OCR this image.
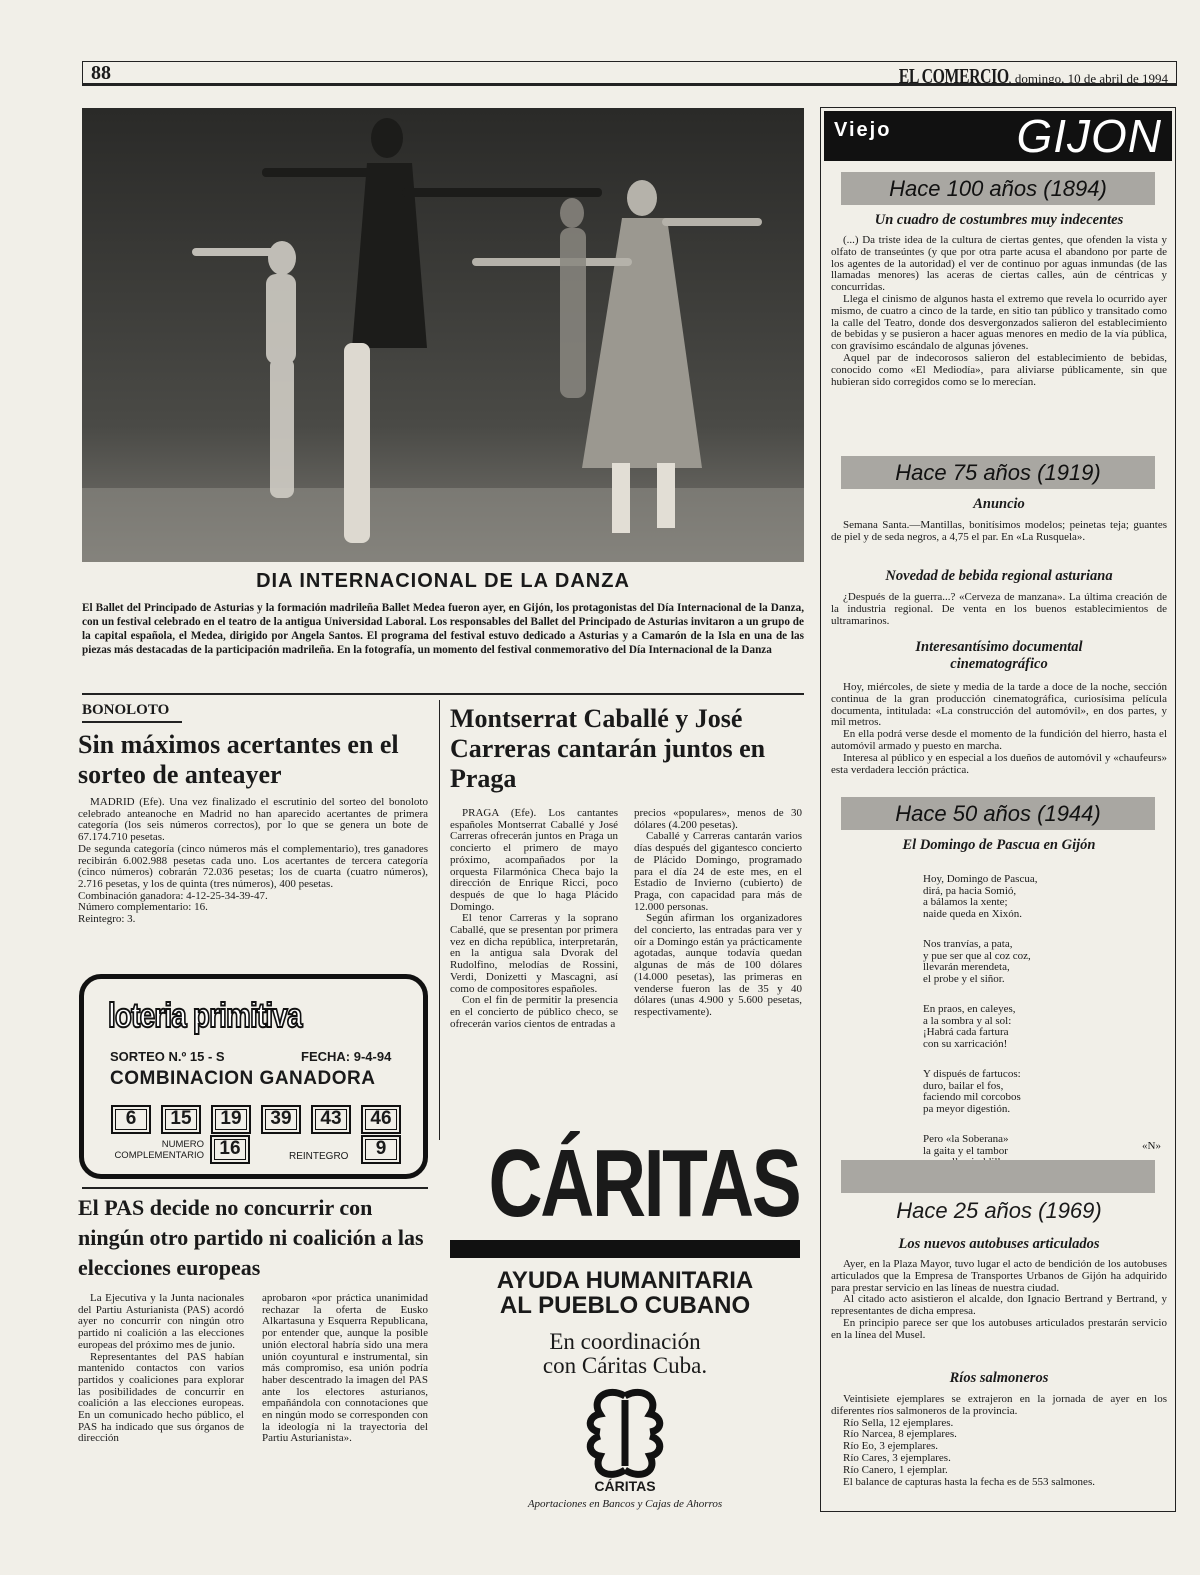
88	EL COMERCIO, domingo, 10 de abril de 1994
DIA INTERNACIONAL DE LA DANZA
El Ballet del Principado de Asturias y la formación madrileña Ballet Medea fueron ayer, en Gijón, los protagonistas del Día Internacional de la Danza, con un festival celebrado en el teatro de la antigua Universidad Laboral. Los responsables del Ballet del Principado de Asturias invitaron a un grupo de la capital española, el Medea, dirigido por Angela Santos. El programa del festival estuvo dedicado a Asturias y a Camarón de la Isla en una de las piezas más destacadas de la participación madrileña. En la fotografía, un momento del festival conmemorativo del Día Internacional de la Danza
BONOLOTO
Sin máximos acertantes en el sorteo de anteayer

MADRID (Efe). Una vez finalizado el escrutinio del sorteo del bonoloto celebrado anteanoche en Madrid no han aparecido acertantes de primera categoría (los seis números correctos), por lo que se genera un bote de 67.174.710 pesetas.

De segunda categoría (cinco números más el complementario), tres ganadores recibirán 6.002.988 pesetas cada uno. Los acertantes de tercera categoría (cinco números) cobrarán 72.036 pesetas; los de cuarta (cuatro números), 2.716 pesetas, y los de quinta (tres números), 400 pesetas.

Combinación ganadora: 4-12-25-34-39-47.

Número complementario: 16.

Reintegro: 3.

loteria primitiva
SORTEO N.º 15 - S	FECHA: 9-4-94
COMBINACION GANADORA
6	15	19	39	43	46
NUMERO
COMPLEMENTARIO 16	REINTEGRO	9
El PAS decide no concurrir con ningún otro partido ni coalición a las elecciones europeas

La Ejecutiva y la Junta nacionales del Partiu Asturianista (PAS) acordó ayer no concurrir con ningún otro partido ni coalición a las elecciones europeas del próximo mes de junio.

Representantes del PAS habían mantenido contactos con varios partidos y coaliciones para explorar las posibilidades de concurrir en coalición a las elecciones europeas. En un comunicado hecho público, el PAS ha indicado que sus órganos de dirección

aprobaron «por práctica unanimidad rechazar la oferta de Eusko Alkartasuna y Esquerra Republicana, por entender que, aunque la posible unión electoral habría sido una mera unión coyuntural e instrumental, sin más compromiso, esa unión podría haber descentrado la imagen del PAS ante los electores asturianos, empañándola con connotaciones que en ningún modo se corresponden con la ideología ni la trayectoria del Partiu Asturianista».

Montserrat Caballé y José Carreras cantarán juntos en Praga

PRAGA (Efe). Los cantantes españoles Montserrat Caballé y José Carreras ofrecerán juntos en Praga un concierto el primero de mayo próximo, acompañados por la orquesta Filarmónica Checa bajo la dirección de Enrique Ricci, poco después de que lo haga Plácido Domingo.

El tenor Carreras y la soprano Caballé, que se presentan por primera vez en dicha república, interpretarán, en la antigua sala Dvorak del Rudolfino, melodías de Rossini, Verdi, Donizetti y Mascagni, así como de compositores españoles.

Con el fin de permitir la presencia en el concierto de público checo, se ofrecerán varios cientos de entradas a

precios «populares», menos de 30 dólares (4.200 pesetas).

Caballé y Carreras cantarán varios días después del gigantesco concierto de Plácido Domingo, programado para el día 24 de este mes, en el Estadio de Invierno (cubierto) de Praga, con capacidad para más de 12.000 personas.

Según afirman los organizadores del concierto, las entradas para ver y oír a Domingo están ya prácticamente agotadas, aunque todavía quedan algunas de más de 100 dólares (14.000 pesetas), las primeras en venderse fueron las de 35 y 40 dólares (unas 4.900 y 5.600 pesetas, respectivamente).

CÁRITAS
AYUDA HUMANITARIA
AL PUEBLO CUBANO
En coordinación
con Cáritas Cuba.
CÁRITAS
Aportaciones en Bancos y Cajas de Ahorros
Viejo	GIJON
Hace 100 años (1894)
Un cuadro de costumbres muy indecentes

(...) Da triste idea de la cultura de ciertas gentes, que ofenden la vista y olfato de transeúntes (y que por otra parte acusa el abandono por parte de los agentes de la autoridad) el ver de continuo por aguas inmundas (de las llamadas menores) las aceras de ciertas calles, aún de céntricas y concurridas.

Llega el cinismo de algunos hasta el extremo que revela lo ocurrido ayer mismo, de cuatro a cinco de la tarde, en sitio tan público y transitado como la calle del Teatro, donde dos desvergonzados salieron del establecimiento de bebidas y se pusieron a hacer aguas menores en medio de la vía pública, con gravísimo escándalo de algunas jóvenes.

Aquel par de indecorosos salieron del establecimiento de bebidas, conocido como «El Mediodía», para aliviarse públicamente, sin que hubieran sido corregidos como se lo merecían.

Hace 75 años (1919)
Anuncio

Semana Santa.—Mantillas, bonitísimos modelos; peinetas teja; guantes de piel y de seda negros, a 4,75 el par. En «La Rusquela».

Novedad de bebida regional asturiana

¿Después de la guerra...? «Cerveza de manzana». La última creación de la industria regional. De venta en los buenos establecimientos de ultramarinos.

Interesantísimo documental cinematográfico

Hoy, miércoles, de siete y media de la tarde a doce de la noche, sección continua de la gran producción cinematográfica, curiosísima película documenta, intitulada: «La construcción del automóvil», en dos partes, y mil metros.

En ella podrá verse desde el momento de la fundición del hierro, hasta el automóvil armado y puesto en marcha.

Interesa al público y en especial a los dueños de automóvil y «chaufeurs» esta verdadera lección práctica.

Hace 50 años (1944)
El Domingo de Pascua en Gijón

Hoy, Domingo de Pascua,
dirá, pa hacia Somió,
a bálamos la xente;
naide queda en Xixón.

Nos tranvías, a pata,
y pue ser que al coz coz,
llevarán merendeta,
el probe y el siñor.

En praos, en caleyes,
a la sombra y al sol:
¡Habrá cada fartura
con su xarricación!

Y dispués de fartucos:
duro, bailar el fos,
faciendo mil corcobos
pa meyor digestión.

Pero «la Soberana»
la gaita y el tambor	«N»
Hace 25 años (1969)
Los nuevos autobuses articulados

Ayer, en la Plaza Mayor, tuvo lugar el acto de bendición de los autobuses articulados que la Empresa de Transportes Urbanos de Gijón ha adquirido para prestar servicio en las líneas de nuestra ciudad.

Al citado acto asistieron el alcalde, don Ignacio Bertrand y Bertrand, y representantes de dicha empresa.

En principio parece ser que los autobuses articulados prestarán servicio en la línea del Musel.

Ríos salmoneros

Veintisiete ejemplares se extrajeron en la jornada de ayer en los diferentes ríos salmoneros de la provincia.

Río Sella, 12 ejemplares.

Río Narcea, 8 ejemplares.

Río Eo, 3 ejemplares.

Río Cares, 3 ejemplares.

Río Canero, 1 ejemplar.

El balance de capturas hasta la fecha es de 553 salmones.
